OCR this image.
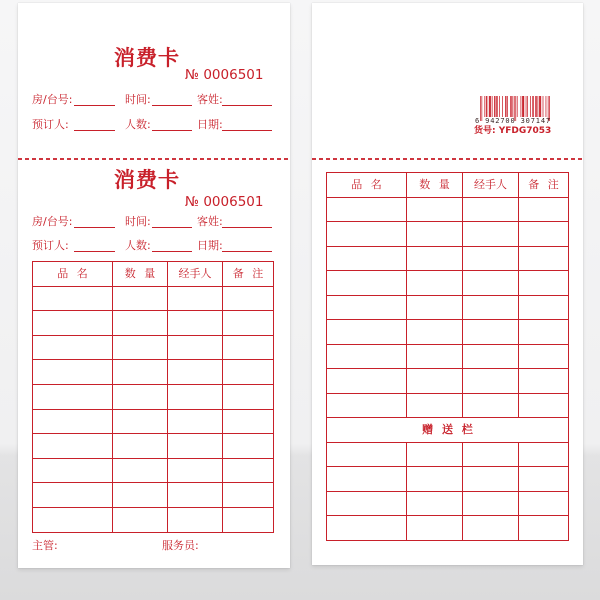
消费卡
№ 0006501
房/台号:	时间:	客姓:
预订人:	人数:	日期:
消费卡
№ 0006501
房/台号:	时间:	客姓:
预订人:	人数:	日期:
品 名	数 量	经手人	备 注

主管:	服务员:
6 942700 307147
货号: YFDG7053
品 名	数 量	经手人	备 注

赠 送 栏			
